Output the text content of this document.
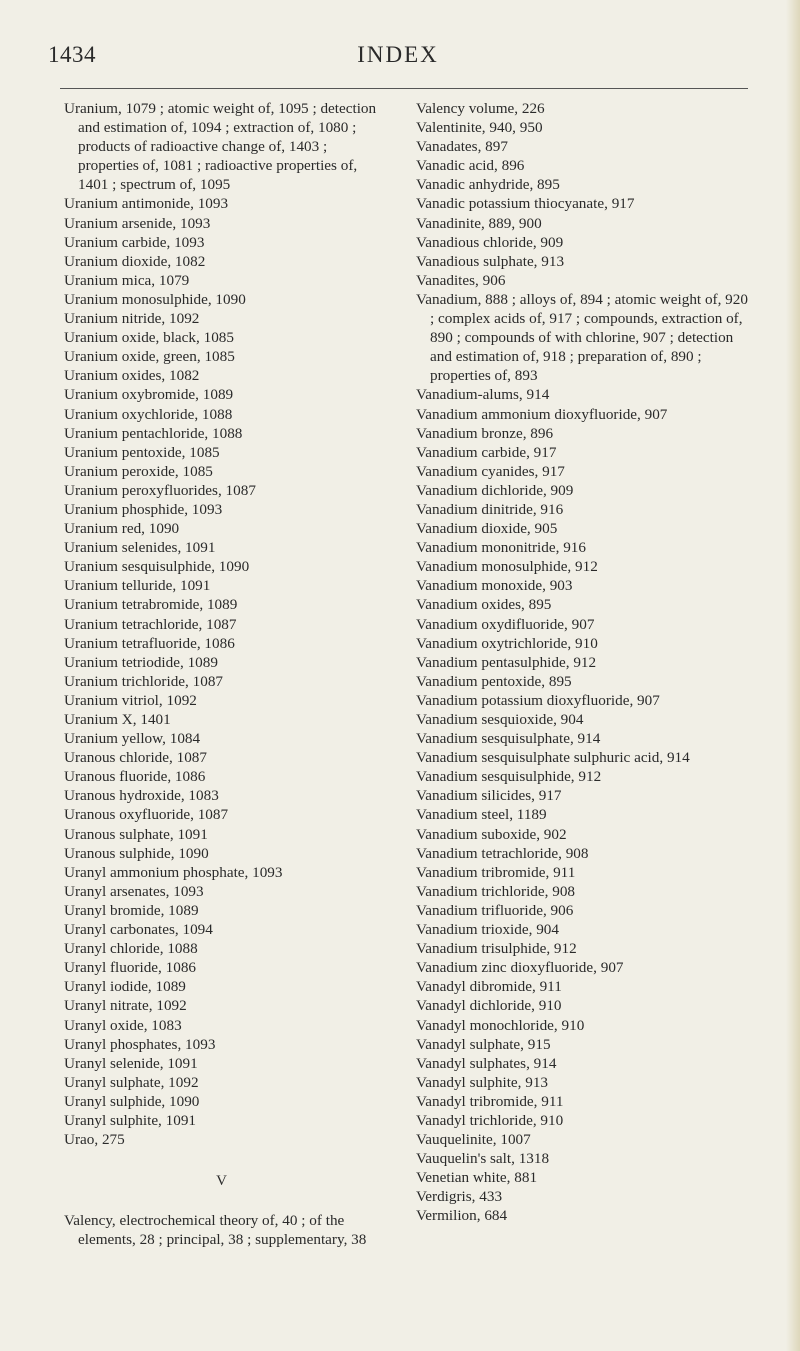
1434	INDEX

Uranium, 1079 ; atomic weight of, 1095 ; detection and estimation of, 1094 ; extraction of, 1080 ; products of radioactive change of, 1403 ; properties of, 1081 ; radioactive properties of, 1401 ; spectrum of, 1095

Uranium antimonide, 1093

Uranium arsenide, 1093

Uranium carbide, 1093

Uranium dioxide, 1082

Uranium mica, 1079

Uranium monosulphide, 1090

Uranium nitride, 1092

Uranium oxide, black, 1085

Uranium oxide, green, 1085

Uranium oxides, 1082

Uranium oxybromide, 1089

Uranium oxychloride, 1088

Uranium pentachloride, 1088

Uranium pentoxide, 1085

Uranium peroxide, 1085

Uranium peroxyfluorides, 1087

Uranium phosphide, 1093

Uranium red, 1090

Uranium selenides, 1091

Uranium sesquisulphide, 1090

Uranium telluride, 1091

Uranium tetrabromide, 1089

Uranium tetrachloride, 1087

Uranium tetrafluoride, 1086

Uranium tetriodide, 1089

Uranium trichloride, 1087

Uranium vitriol, 1092

Uranium X, 1401

Uranium yellow, 1084

Uranous chloride, 1087

Uranous fluoride, 1086

Uranous hydroxide, 1083

Uranous oxyfluoride, 1087

Uranous sulphate, 1091

Uranous sulphide, 1090

Uranyl ammonium phosphate, 1093

Uranyl arsenates, 1093

Uranyl bromide, 1089

Uranyl carbonates, 1094

Uranyl chloride, 1088

Uranyl fluoride, 1086

Uranyl iodide, 1089

Uranyl nitrate, 1092

Uranyl oxide, 1083

Uranyl phosphates, 1093

Uranyl selenide, 1091

Uranyl sulphate, 1092

Uranyl sulphide, 1090

Uranyl sulphite, 1091

Urao, 275

V

Valency, electrochemical theory of, 40 ; of the elements, 28 ; principal, 38 ; supplementary, 38

Valency volume, 226

Valentinite, 940, 950

Vanadates, 897

Vanadic acid, 896

Vanadic anhydride, 895

Vanadic potassium thiocyanate, 917

Vanadinite, 889, 900

Vanadious chloride, 909

Vanadious sulphate, 913

Vanadites, 906

Vanadium, 888 ; alloys of, 894 ; atomic weight of, 920 ; complex acids of, 917 ; compounds, extraction of, 890 ; compounds of with chlorine, 907 ; detection and estimation of, 918 ; preparation of, 890 ; properties of, 893

Vanadium-alums, 914

Vanadium ammonium dioxyfluoride, 907

Vanadium bronze, 896

Vanadium carbide, 917

Vanadium cyanides, 917

Vanadium dichloride, 909

Vanadium dinitride, 916

Vanadium dioxide, 905

Vanadium mononitride, 916

Vanadium monosulphide, 912

Vanadium monoxide, 903

Vanadium oxides, 895

Vanadium oxydifluoride, 907

Vanadium oxytrichloride, 910

Vanadium pentasulphide, 912

Vanadium pentoxide, 895

Vanadium potassium dioxyfluoride, 907

Vanadium sesquioxide, 904

Vanadium sesquisulphate, 914

Vanadium sesquisulphate sulphuric acid, 914

Vanadium sesquisulphide, 912

Vanadium silicides, 917

Vanadium steel, 1189

Vanadium suboxide, 902

Vanadium tetrachloride, 908

Vanadium tribromide, 911

Vanadium trichloride, 908

Vanadium trifluoride, 906

Vanadium trioxide, 904

Vanadium trisulphide, 912

Vanadium zinc dioxyfluoride, 907

Vanadyl dibromide, 911

Vanadyl dichloride, 910

Vanadyl monochloride, 910

Vanadyl sulphate, 915

Vanadyl sulphates, 914

Vanadyl sulphite, 913

Vanadyl tribromide, 911

Vanadyl trichloride, 910

Vauquelinite, 1007

Vauquelin's salt, 1318

Venetian white, 881

Verdigris, 433

Vermilion, 684
